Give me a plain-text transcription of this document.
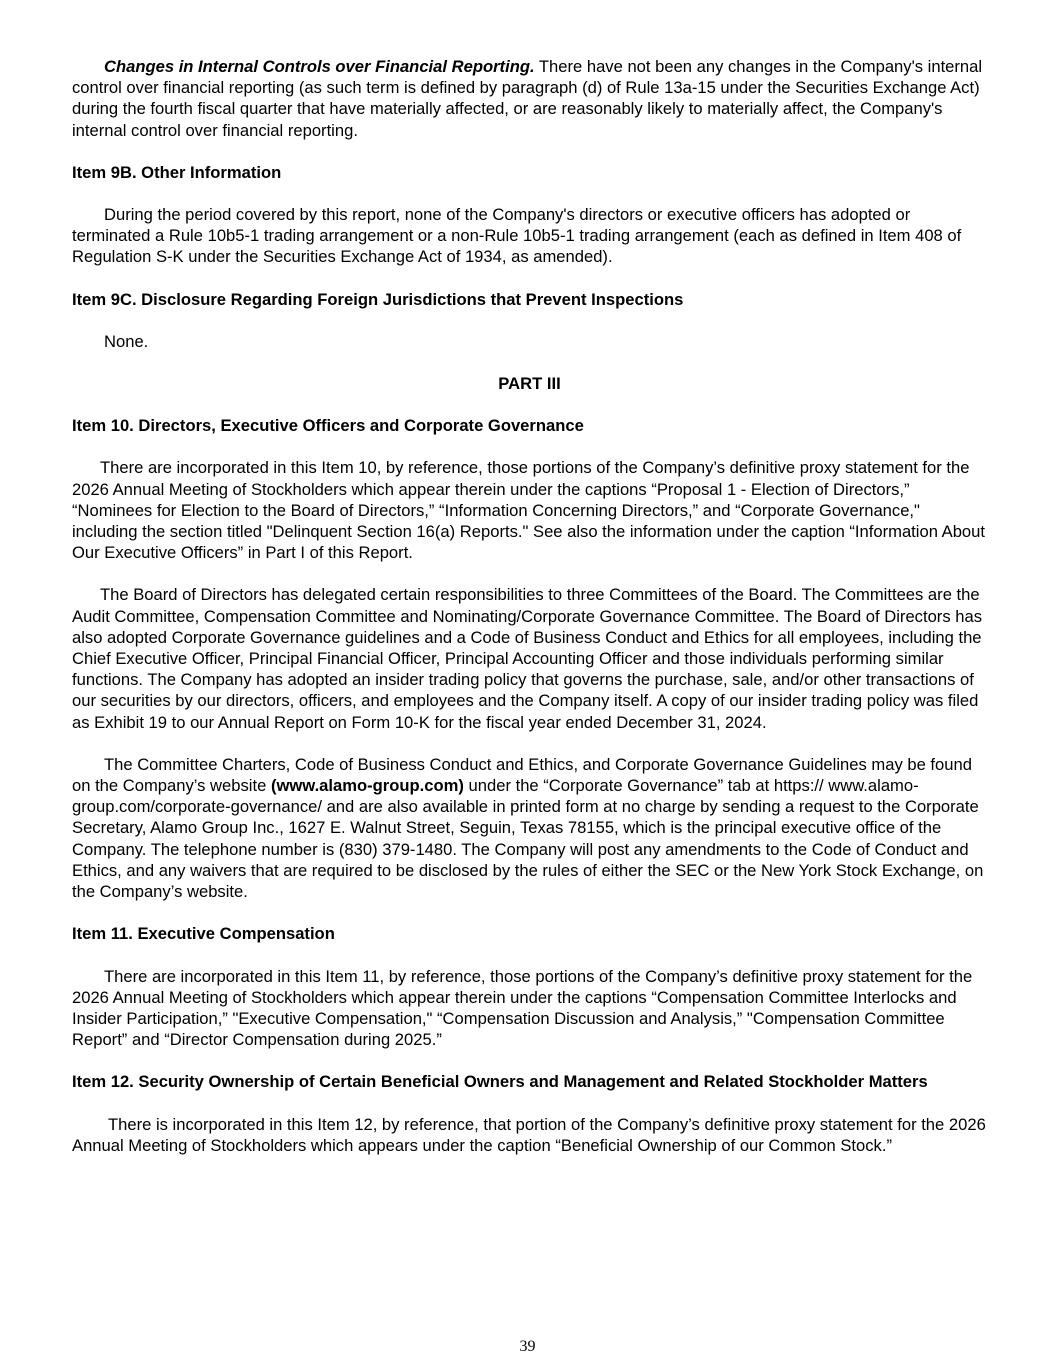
Changes in Internal Controls over Financial Reporting. There have not been any changes in the Company's internal control over financial reporting (as such term is defined by paragraph (d) of Rule 13a-15 under the Securities Exchange Act) during the fourth fiscal quarter that have materially affected, or are reasonably likely to materially affect, the Company's internal control over financial reporting.

Item 9B. Other Information

During the period covered by this report, none of the Company's directors or executive officers has adopted or terminated a Rule 10b5-1 trading arrangement or a non-Rule 10b5-1 trading arrangement (each as defined in Item 408 of Regulation S-K under the Securities Exchange Act of 1934, as amended).

Item 9C. Disclosure Regarding Foreign Jurisdictions that Prevent Inspections

None.

PART III

Item 10. Directors, Executive Officers and Corporate Governance

There are incorporated in this Item 10, by reference, those portions of the Company’s definitive proxy statement for the 2026 Annual Meeting of Stockholders which appear therein under the captions “Proposal 1 - Election of Directors,” “Nominees for Election to the Board of Directors,” “Information Concerning Directors,” and “Corporate Governance," including the section titled "Delinquent Section 16(a) Reports." See also the information under the caption “Information About Our Executive Officers” in Part I of this Report.

The Board of Directors has delegated certain responsibilities to three Committees of the Board. The Committees are the Audit Committee, Compensation Committee and Nominating/Corporate Governance Committee. The Board of Directors has also adopted Corporate Governance guidelines and a Code of Business Conduct and Ethics for all employees, including the Chief Executive Officer, Principal Financial Officer, Principal Accounting Officer and those individuals performing similar functions. The Company has adopted an insider trading policy that governs the purchase, sale, and/or other transactions of our securities by our directors, officers, and employees and the Company itself. A copy of our insider trading policy was filed as Exhibit 19 to our Annual Report on Form 10-K for the fiscal year ended December 31, 2024.

The Committee Charters, Code of Business Conduct and Ethics, and Corporate Governance Guidelines may be found on the Company’s website (www.alamo-group.com) under the “Corporate Governance” tab at https:// www.alamo-group.com/corporate-governance/ and are also available in printed form at no charge by sending a request to the Corporate Secretary, Alamo Group Inc., 1627 E. Walnut Street, Seguin, Texas 78155, which is the principal executive office of the Company. The telephone number is (830) 379-1480. The Company will post any amendments to the Code of Conduct and Ethics, and any waivers that are required to be disclosed by the rules of either the SEC or the New York Stock Exchange, on the Company’s website.

Item 11. Executive Compensation

There are incorporated in this Item 11, by reference, those portions of the Company’s definitive proxy statement for the 2026 Annual Meeting of Stockholders which appear therein under the captions “Compensation Committee Interlocks and Insider Participation,” "Executive Compensation," “Compensation Discussion and Analysis,” "Compensation Committee Report” and “Director Compensation during 2025.”

Item 12. Security Ownership of Certain Beneficial Owners and Management and Related Stockholder Matters

There is incorporated in this Item 12, by reference, that portion of the Company’s definitive proxy statement for the 2026 Annual Meeting of Stockholders which appears under the caption “Beneficial Ownership of our Common Stock.”

39
